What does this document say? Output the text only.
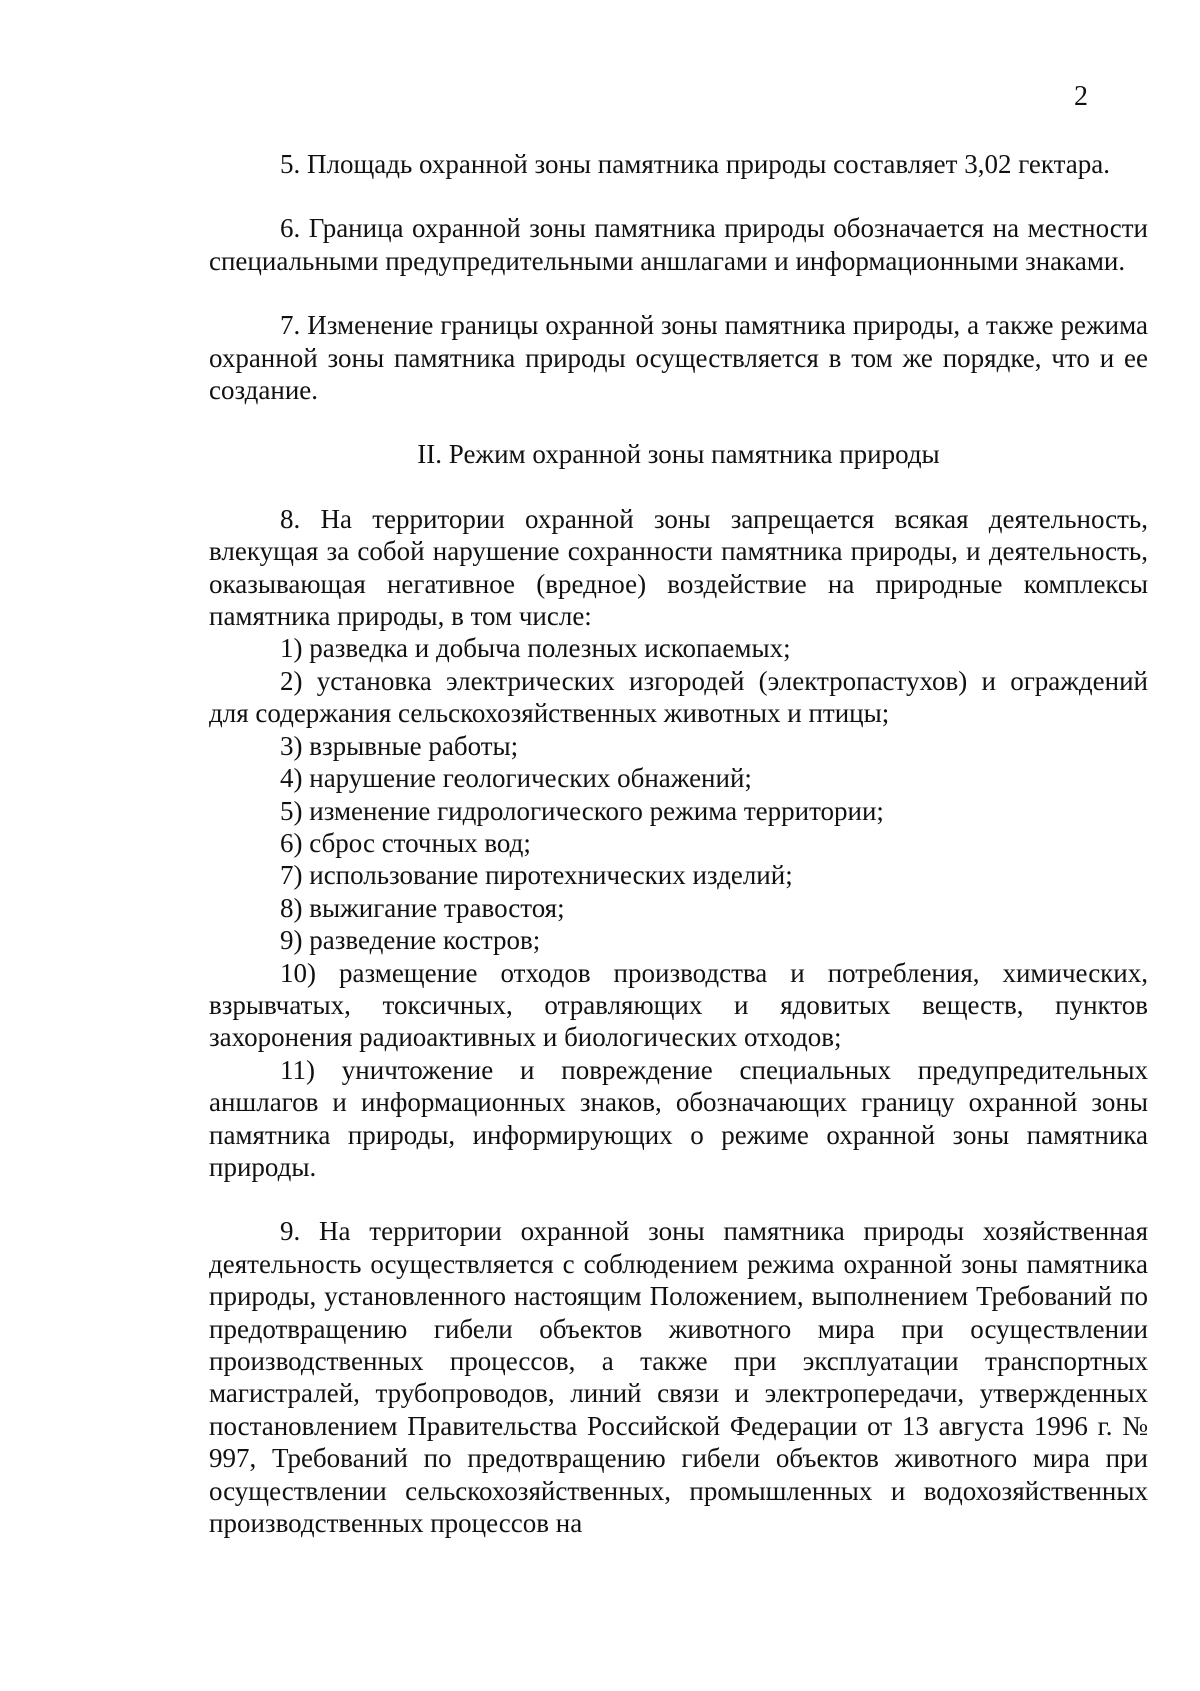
2

5. Площадь охранной зоны памятника природы составляет 3,02 гектара.

6. Граница охранной зоны памятника природы обозначается на местности специальными предупредительными аншлагами и информационными знаками.

7. Изменение границы охранной зоны памятника природы, а также режима охранной зоны памятника природы осуществляется в том же порядке, что и ее создание.

II. Режим охранной зоны памятника природы

8. На территории охранной зоны запрещается всякая деятельность, влекущая за собой нарушение сохранности памятника природы, и деятельность, оказывающая негативное (вредное) воздействие на природные комплексы памятника природы, в том числе:

1) разведка и добыча полезных ископаемых;
2) установка электрических изгородей (электропастухов) и ограждений для содержания сельскохозяйственных животных и птицы;
3) взрывные работы;
4) нарушение геологических обнажений;
5) изменение гидрологического режима территории;
6) сброс сточных вод;
7) использование пиротехнических изделий;
8) выжигание травостоя;
9) разведение костров;
10) размещение отходов производства и потребления, химических, взрывчатых, токсичных, отравляющих и ядовитых веществ, пунктов захоронения радиоактивных и биологических отходов;
11) уничтожение и повреждение специальных предупредительных аншлагов и информационных знаков, обозначающих границу охранной зоны памятника природы, информирующих о режиме охранной зоны памятника природы.

9. На территории охранной зоны памятника природы хозяйственная деятельность осуществляется с соблюдением режима охранной зоны памятника природы, установленного настоящим Положением, выполнением Требований по предотвращению гибели объектов животного мира при осуществлении производственных процессов, а также при эксплуатации транспортных магистралей, трубопроводов, линий связи и электропередачи, утвержденных постановлением Правительства Российской Федерации от 13 августа 1996 г. № 997, Требований по предотвращению гибели объектов животного мира при осуществлении сельскохозяйственных, промышленных и водохозяйственных производственных процессов на
